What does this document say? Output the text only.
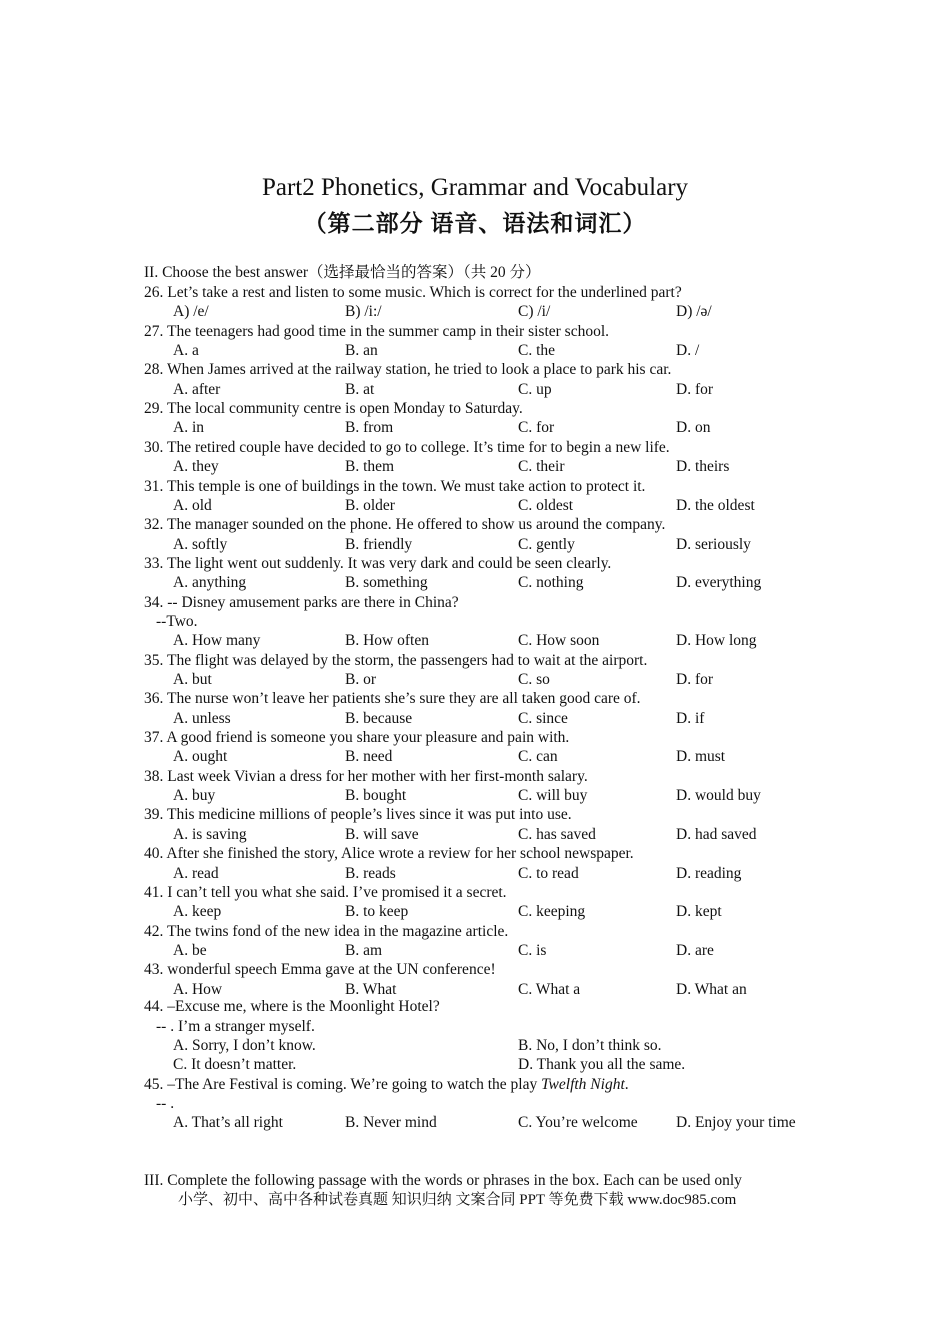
Part2 Phonetics, Grammar and Vocabulary
（第二部分 语音、语法和词汇）
II. Choose the best answer（选择最恰当的答案）（共 20 分）
26. Let’s take a rest and listen to some music. Which is correct for the underlined part?
A) /e/	B) /i:/	C) /i/	D) /ə/
27. The teenagers had good time in the summer camp in their sister school.
A. a	B. an	C. the	D. /
28. When James arrived at the railway station, he tried to look a place to park his car.
A. after	B. at	C. up	D. for
29. The local community centre is open Monday to Saturday.
A. in	B. from	C. for	D. on
30. The retired couple have decided to go to college. It’s time for to begin a new life.
A. they	B. them	C. their	D. theirs
31. This temple is one of buildings in the town. We must take action to protect it.
A. old	B. older	C. oldest	D. the oldest
32. The manager sounded on the phone. He offered to show us around the company.
A. softly	B. friendly	C. gently	D. seriously
33. The light went out suddenly. It was very dark and could be seen clearly.
A. anything	B. something	C. nothing	D. everything
34. -- Disney amusement parks are there in China?
--Two.
A. How many	B. How often	C. How soon	D. How long
35. The flight was delayed by the storm, the passengers had to wait at the airport.
A. but	B. or	C. so	D. for
36. The nurse won’t leave her patients she’s sure they are all taken good care of.
A. unless	B. because	C. since	D. if
37. A good friend is someone you share your pleasure and pain with.
A. ought	B. need	C. can	D. must
38. Last week Vivian a dress for her mother with her first-month salary.
A. buy	B. bought	C. will buy	D. would buy
39. This medicine millions of people’s lives since it was put into use.
A. is saving	B. will save	C. has saved	D. had saved
40. After she finished the story, Alice wrote a review for her school newspaper.
A. read	B. reads	C. to read	D. reading
41. I can’t tell you what she said. I’ve promised it a secret.
A. keep	B. to keep	C. keeping	D. kept
42. The twins fond of the new idea in the magazine article.
A. be	B. am	C. is	D. are
43. wonderful speech Emma gave at the UN conference!
A. How	B. What	C. What a	D. What an
44. –Excuse me, where is the Moonlight Hotel?
-- . I’m a stranger myself.
A. Sorry, I don’t know.	B. No, I don’t think so.
C. It doesn’t matter.	D. Thank you all the same.
45. –The Are Festival is coming. We’re going to watch the play Twelfth Night.
-- .
A. That’s all right	B. Never mind	C. You’re welcome D. Enjoy your time
III. Complete the following passage with the words or phrases in the box. Each can be used only
小学、初中、高中各种试卷真题 知识归纳 文案合同 PPT 等免费下载 www.doc985.com
